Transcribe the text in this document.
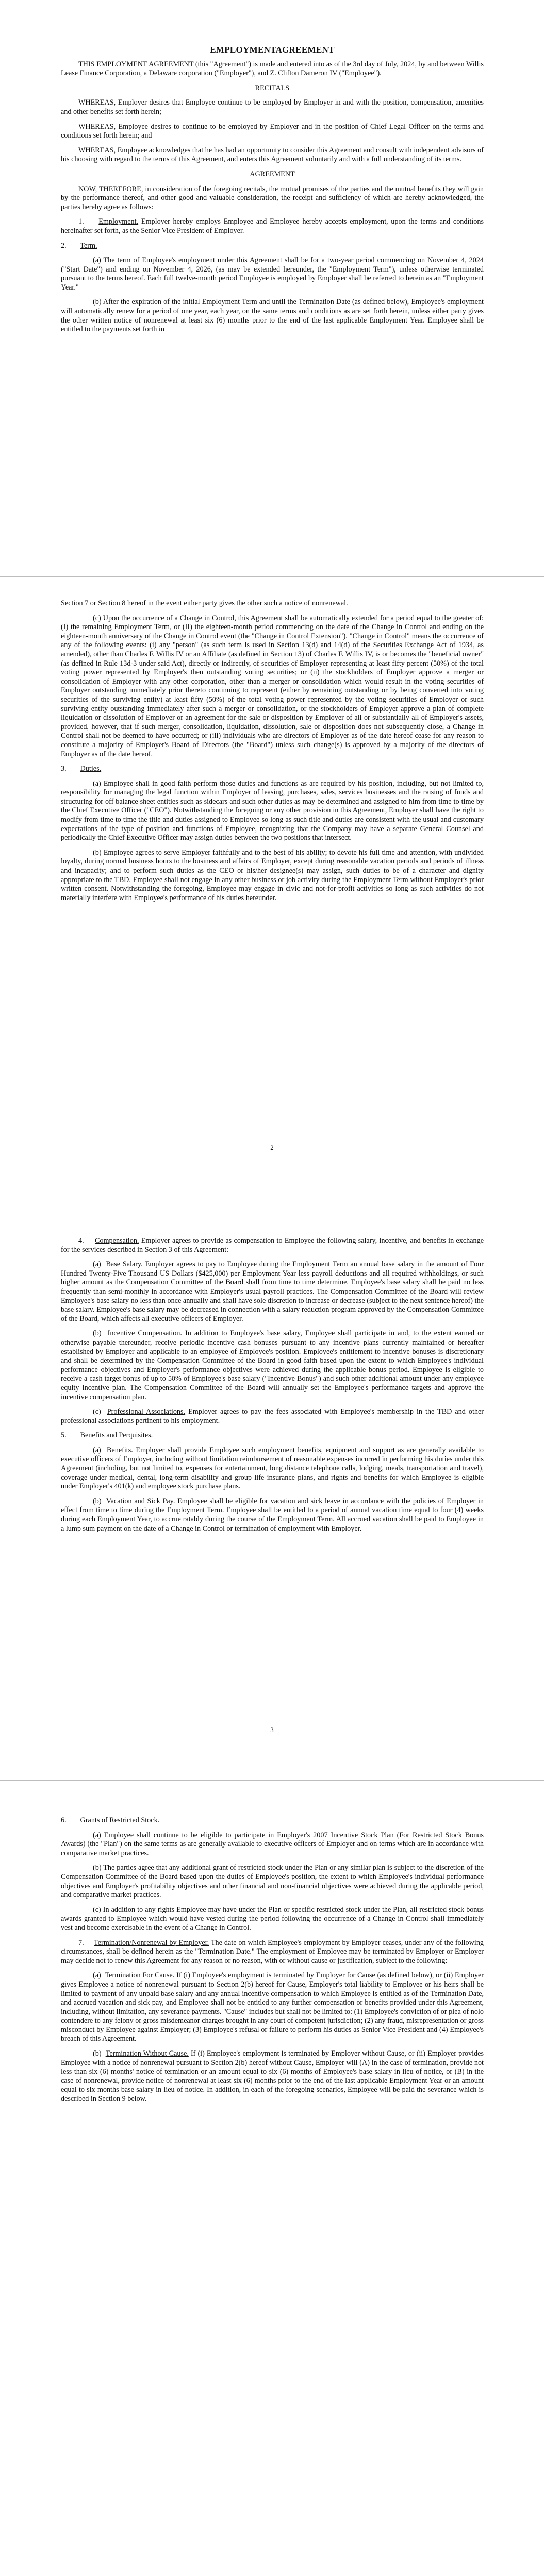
EMPLOYMENTAGREEMENT

THIS EMPLOYMENT AGREEMENT (this "Agreement") is made and entered into as of the 3rd day of July, 2024, by and between Willis Lease Finance Corporation, a Delaware corporation ("Employer"), and Z. Clifton Dameron IV ("Employee").

RECITALS

WHEREAS, Employer desires that Employee continue to be employed by Employer in and with the position, compensation, amenities and other benefits set forth herein;

WHEREAS, Employee desires to continue to be employed by Employer and in the position of Chief Legal Officer on the terms and conditions set forth herein; and

WHEREAS, Employee acknowledges that he has had an opportunity to consider this Agreement and consult with independent advisors of his choosing with regard to the terms of this Agreement, and enters this Agreement voluntarily and with a full understanding of its terms.

AGREEMENT

NOW, THEREFORE, in consideration of the foregoing recitals, the mutual promises of the parties and the mutual benefits they will gain by the performance thereof, and other good and valuable consideration, the receipt and sufficiency of which are hereby acknowledged, the parties hereby agree as follows:

1. Employment. Employer hereby employs Employee and Employee hereby accepts employment, upon the terms and conditions hereinafter set forth, as the Senior Vice President of Employer.

2. Term.

(a) The term of Employee's employment under this Agreement shall be for a two-year period commencing on November 4, 2024 ("Start Date") and ending on November 4, 2026, (as may be extended hereunder, the "Employment Term"), unless otherwise terminated pursuant to the terms hereof. Each full twelve-month period Employee is employed by Employer shall be referred to herein as an "Employment Year."

(b) After the expiration of the initial Employment Term and until the Termination Date (as defined below), Employee's employment will automatically renew for a period of one year, each year, on the same terms and conditions as are set forth herein, unless either party gives the other written notice of nonrenewal at least six (6) months prior to the end of the last applicable Employment Year. Employee shall be entitled to the payments set forth in

Section 7 or Section 8 hereof in the event either party gives the other such a notice of nonrenewal.

(c) Upon the occurrence of a Change in Control, this Agreement shall be automatically extended for a period equal to the greater of: (I) the remaining Employment Term, or (II) the eighteen-month period commencing on the date of the Change in Control and ending on the eighteen-month anniversary of the Change in Control event (the "Change in Control Extension"). "Change in Control" means the occurrence of any of the following events: (i) any "person" (as such term is used in Section 13(d) and 14(d) of the Securities Exchange Act of 1934, as amended), other than Charles F. Willis IV or an Affiliate (as defined in Section 13) of Charles F. Willis IV, is or becomes the "beneficial owner" (as defined in Rule 13d-3 under said Act), directly or indirectly, of securities of Employer representing at least fifty percent (50%) of the total voting power represented by Employer's then outstanding voting securities; or (ii) the stockholders of Employer approve a merger or consolidation of Employer with any other corporation, other than a merger or consolidation which would result in the voting securities of Employer outstanding immediately prior thereto continuing to represent (either by remaining outstanding or by being converted into voting securities of the surviving entity) at least fifty (50%) of the total voting power represented by the voting securities of Employer or such surviving entity outstanding immediately after such a merger or consolidation, or the stockholders of Employer approve a plan of complete liquidation or dissolution of Employer or an agreement for the sale or disposition by Employer of all or substantially all of Employer's assets, provided, however, that if such merger, consolidation, liquidation, dissolution, sale or disposition does not subsequently close, a Change in Control shall not be deemed to have occurred; or (iii) individuals who are directors of Employer as of the date hereof cease for any reason to constitute a majority of Employer's Board of Directors (the "Board") unless such change(s) is approved by a majority of the directors of Employer as of the date hereof.

3. Duties.

(a) Employee shall in good faith perform those duties and functions as are required by his position, including, but not limited to, responsibility for managing the legal function within Employer of leasing, purchases, sales, services businesses and the raising of funds and structuring for off balance sheet entities such as sidecars and such other duties as may be determined and assigned to him from time to time by the Chief Executive Officer ("CEO"). Notwithstanding the foregoing or any other provision in this Agreement, Employer shall have the right to modify from time to time the title and duties assigned to Employee so long as such title and duties are consistent with the usual and customary expectations of the type of position and functions of Employee, recognizing that the Company may have a separate General Counsel and periodically the Chief Executive Officer may assign duties between the two positions that intersect.

(b) Employee agrees to serve Employer faithfully and to the best of his ability; to devote his full time and attention, with undivided loyalty, during normal business hours to the business and affairs of Employer, except during reasonable vacation periods and periods of illness and incapacity; and to perform such duties as the CEO or his/her designee(s) may assign, such duties to be of a character and dignity appropriate to the TBD. Employee shall not engage in any other business or job activity during the Employment Term without Employer's prior written consent. Notwithstanding the foregoing, Employee may engage in civic and not-for-profit activities so long as such activities do not materially interfere with Employee's performance of his duties hereunder.

2

4. Compensation. Employer agrees to provide as compensation to Employee the following salary, incentive, and benefits in exchange for the services described in Section 3 of this Agreement:

(a)  Base Salary. Employer agrees to pay to Employee during the Employment Term an annual base salary in the amount of Four Hundred Twenty-Five Thousand US Dollars ($425,000) per Employment Year less payroll deductions and all required withholdings, or such higher amount as the Compensation Committee of the Board shall from time to time determine. Employee's base salary shall be paid no less frequently than semi-monthly in accordance with Employer's usual payroll practices. The Compensation Committee of the Board will review Employee's base salary no less than once annually and shall have sole discretion to increase or decrease (subject to the next sentence hereof) the base salary. Employee's base salary may be decreased in connection with a salary reduction program approved by the Compensation Committee of the Board, which affects all executive officers of Employer.

(b)  Incentive Compensation. In addition to Employee's base salary, Employee shall participate in and, to the extent earned or otherwise payable thereunder, receive periodic incentive cash bonuses pursuant to any incentive plans currently maintained or hereafter established by Employer and applicable to an employee of Employee's position. Employee's entitlement to incentive bonuses is discretionary and shall be determined by the Compensation Committee of the Board in good faith based upon the extent to which Employee's individual performance objectives and Employer's performance objectives were achieved during the applicable bonus period. Employee is eligible to receive a cash target bonus of up to 50% of Employee's base salary ("Incentive Bonus") and such other additional amount under any employee equity incentive plan. The Compensation Committee of the Board will annually set the Employee's performance targets and approve the incentive compensation plan.

(c)  Professional Associations. Employer agrees to pay the fees associated with Employee's membership in the TBD and other professional associations pertinent to his employment.

5. Benefits and Perquisites.

(a)  Benefits. Employer shall provide Employee such employment benefits, equipment and support as are generally available to executive officers of Employer, including without limitation reimbursement of reasonable expenses incurred in performing his duties under this Agreement (including, but not limited to, expenses for entertainment, long distance telephone calls, lodging, meals, transportation and travel), coverage under medical, dental, long-term disability and group life insurance plans, and rights and benefits for which Employee is eligible under Employer's 401(k) and employee stock purchase plans.

(b)  Vacation and Sick Pay. Employee shall be eligible for vacation and sick leave in accordance with the policies of Employer in effect from time to time during the Employment Term. Employee shall be entitled to a period of annual vacation time equal to four (4) weeks during each Employment Year, to accrue ratably during the course of the Employment Term. All accrued vacation shall be paid to Employee in a lump sum payment on the date of a Change in Control or termination of employment with Employer.

3

6. Grants of Restricted Stock.

(a) Employee shall continue to be eligible to participate in Employer's 2007 Incentive Stock Plan (For Restricted Stock Bonus Awards) (the "Plan") on the same terms as are generally available to executive officers of Employer and on terms which are in accordance with comparative market practices.

(b) The parties agree that any additional grant of restricted stock under the Plan or any similar plan is subject to the discretion of the Compensation Committee of the Board based upon the duties of Employee's position, the extent to which Employee's individual performance objectives and Employer's profitability objectives and other financial and non-financial objectives were achieved during the applicable period, and comparative market practices.

(c) In addition to any rights Employee may have under the Plan or specific restricted stock under the Plan, all restricted stock bonus awards granted to Employee which would have vested during the period following the occurrence of a Change in Control shall immediately vest and become exercisable in the event of a Change in Control.

7. Termination/Nonrenewal by Employer. The date on which Employee's employment by Employer ceases, under any of the following circumstances, shall be defined herein as the "Termination Date." The employment of Employee may be terminated by Employer or Employer may decide not to renew this Agreement for any reason or no reason, with or without cause or justification, subject to the following:

(a)  Termination For Cause. If (i) Employee's employment is terminated by Employer for Cause (as defined below), or (ii) Employer gives Employee a notice of nonrenewal pursuant to Section 2(b) hereof for Cause, Employer's total liability to Employee or his heirs shall be limited to payment of any unpaid base salary and any annual incentive compensation to which Employee is entitled as of the Termination Date, and accrued vacation and sick pay, and Employee shall not be entitled to any further compensation or benefits provided under this Agreement, including, without limitation, any severance payments. "Cause" includes but shall not be limited to: (1) Employee's conviction of or plea of nolo contendere to any felony or gross misdemeanor charges brought in any court of competent jurisdiction; (2) any fraud, misrepresentation or gross misconduct by Employee against Employer; (3) Employee's refusal or failure to perform his duties as Senior Vice President and (4) Employee's breach of this Agreement.

(b)  Termination Without Cause. If (i) Employee's employment is terminated by Employer without Cause, or (ii) Employer provides Employee with a notice of nonrenewal pursuant to Section 2(b) hereof without Cause, Employer will (A) in the case of termination, provide not less than six (6) months' notice of termination or an amount equal to six (6) months of Employee's base salary in lieu of notice, or (B) in the case of nonrenewal, provide notice of nonrenewal at least six (6) months prior to the end of the last applicable Employment Year or an amount equal to six months base salary in lieu of notice. In addition, in each of the foregoing scenarios, Employee will be paid the severance which is described in Section 9 below.
